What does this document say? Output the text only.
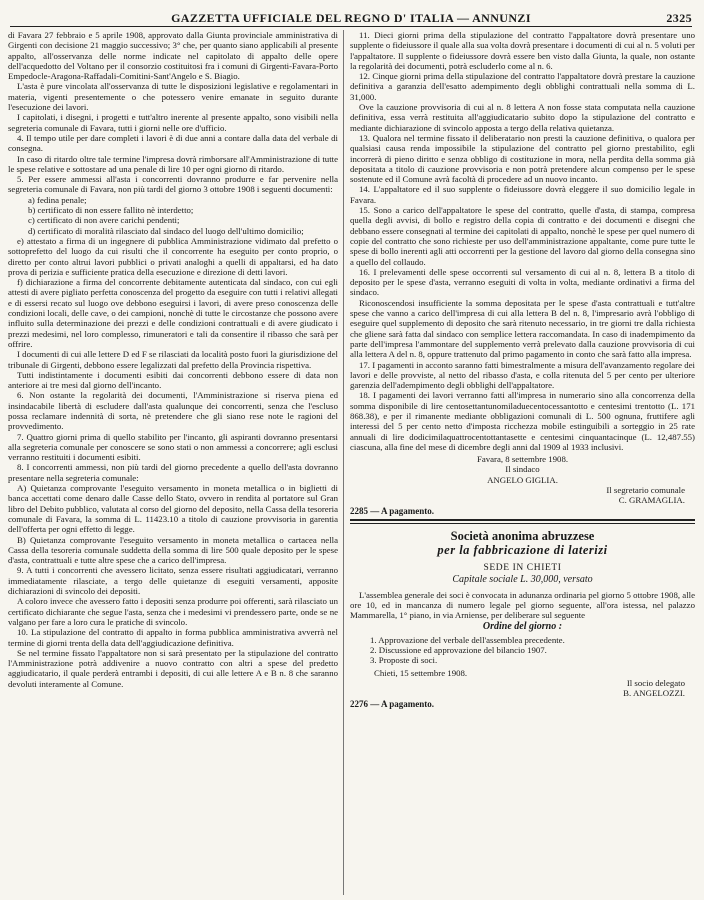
GAZZETTA UFFICIALE DEL REGNO D' ITALIA — ANNUNZI	2325

di Favara 27 febbraio e 5 aprile 1908, approvato dalla Giunta provinciale amministrativa di Girgenti con decisione 21 maggio successivo; 3° che, per quanto siano applicabili al presente appalto, all'osservanza delle norme indicate nel capitolato di appalto delle opere dell'acquedotto del Voltano per il consorzio costituitosi fra i comuni di Girgenti-Favara-Porto Empedocle-Aragona-Raffadali-Comitini-Sant'Angelo e S. Biagio.

L'asta è pure vincolata all'osservanza di tutte le disposizioni legislative e regolamentari in materia, vigenti presentemente o che potessero venire emanate in seguito durante l'esecuzione dei lavori.

I capitolati, i disegni, i progetti e tutt'altro inerente al presente appalto, sono visibili nella segreteria comunale di Favara, tutti i giorni nelle ore d'ufficio.

4. Il tempo utile per dare completi i lavori è di due anni a contare dalla data del verbale di consegna.

In caso di ritardo oltre tale termine l'impresa dovrà rimborsare all'Amministrazione di tutte le spese relative e sottostare ad una penale di lire 10 per ogni giorno di ritardo.

5. Per essere ammessi all'asta i concorrenti dovranno produrre e far pervenire nella segreteria comunale di Favara, non più tardi del giorno 3 ottobre 1908 i seguenti documenti:

a) fedina penale;

b) certificato di non essere fallito nè interdetto;

c) certificato di non avere carichi pendenti;

d) certificato di moralità rilasciato dal sindaco del luogo dell'ultimo domicilio;

e) attestato a firma di un ingegnere di pubblica Amministrazione vidimato dal prefetto o sottoprefetto del luogo da cui risulti che il concorrente ha eseguito per conto proprio, o diretto per conto altrui lavori pubblici o privati analoghi a quelli di appaltarsi, ed ha dato prova di perizia e sufficiente pratica della esecuzione e direzione di detti lavori.

f) dichiarazione a firma del concorrente debitamente autenticata dal sindaco, con cui egli attesti di avere pigliato perfetta conoscenza del progetto da eseguire con tutti i relativi allegati e di essersi recato sul luogo ove debbono eseguirsi i lavori, di avere preso conoscenza delle condizioni locali, delle cave, o dei campioni, nonchè di tutte le circostanze che possono avere influito sulla determinazione dei prezzi e delle condizioni contrattuali e di avere giudicato i prezzi medesimi, nel loro complesso, rimuneratori e tali da consentire il ribasso che sarà per offrire.

I documenti di cui alle lettere D ed F se rilasciati da località posto fuori la giurisdizione del tribunale di Girgenti, debbono essere legalizzati dal prefetto della Provincia rispettiva.

Tutti indistintamente i documenti esibiti dai concorrenti debbono essere di data non anteriore ai tre mesi dal giorno dell'incanto.

6. Non ostante la regolarità dei documenti, l'Amministrazione si riserva piena ed insindacabile libertà di escludere dall'asta qualunque dei concorrenti, senza che l'escluso possa reclamare indennità di sorta, nè pretendere che gli siano rese note le ragioni del provvedimento.

7. Quattro giorni prima di quello stabilito per l'incanto, gli aspiranti dovranno presentarsi alla segreteria comunale per conoscere se sono stati o non ammessi a concorrere; agli esclusi verranno restituiti i documenti esibiti.

8. I concorrenti ammessi, non più tardi del giorno precedente a quello dell'asta dovranno presentare nella segreteria comunale:

A) Quietanza comprovante l'eseguito versamento in moneta metallica o in biglietti di banca accettati come denaro dalle Casse dello Stato, ovvero in rendita al portatore sul Gran libro del Debito pubblico, valutata al corso del giorno del deposito, nella Cassa della tesoreria comunale di Favara, la somma di L. 11423.10 a titolo di cauzione provvisoria in garentia dell'offerta per ogni effetto di legge.

B) Quietanza comprovante l'eseguito versamento in moneta metallica o cartacea nella Cassa della tesoreria comunale suddetta della somma di lire 500 quale deposito per le spese d'asta, contrattuali e tutte altre spese che a carico dell'impresa.

9. A tutti i concorrenti che avessero licitato, senza essere risultati aggiudicatari, verranno immediatamente rilasciate, a tergo delle quietanze di eseguiti versamenti, apposite dichiarazioni di svincolo dei depositi.

A coloro invece che avessero fatto i depositi senza produrre poi offerenti, sarà rilasciato un certificato dichiarante che segue l'asta, senza che i medesimi vi prendessero parte, onde se ne valgano per fare a loro cura le pratiche di svincolo.

10. La stipulazione del contratto di appalto in forma pubblica amministrativa avverrà nel termine di giorni trenta della data dell'aggiudicazione definitiva.

Se nel termine fissato l'appaltatore non si sarà presentato per la stipulazione del contratto l'Amministrazione potrà addivenire a nuovo contratto con altri a spese del predetto aggiudicatario, il quale perderà entrambi i depositi, di cui alle lettere A e B n. 8 che saranno devoluti interamente al Comune.

11. Dieci giorni prima della stipulazione del contratto l'appaltatore dovrà presentare uno supplente o fideiussore il quale alla sua volta dovrà presentare i documenti di cui al n. 5 voluti per l'appaltatore. Il supplente o fideiussore dovrà essere ben visto dalla Giunta, la quale, non ostante la regolarità dei documenti, potrà escluderlo come al n. 6.

12. Cinque giorni prima della stipulazione del contratto l'appaltatore dovrà prestare la cauzione definitiva a garanzia dell'esatto adempimento degli obblighi contrattuali nella somma di L. 31,000.

Ove la cauzione provvisoria di cui al n. 8 lettera A non fosse stata computata nella cauzione definitiva, essa verrà restituita all'aggiudicatario subito dopo la stipulazione del contratto e mediante dichiarazione di svincolo apposta a tergo della relativa quietanza.

13. Qualora nel termine fissato il deliberatario non presti la cauzione definitiva, o qualora per qualsiasi causa renda impossibile la stipulazione del contratto pel giorno prestabilito, egli incorrerà di pieno diritto e senza obbligo di costituzione in mora, nella perdita della somma già depositata a titolo di cauzione provvisoria e non potrà pretendere alcun compenso per le spese sostenute ed il Comune avrà facoltà di procedere ad un nuovo incanto.

14. L'appaltatore ed il suo supplente o fideiussore dovrà eleggere il suo domicilio legale in Favara.

15. Sono a carico dell'appaltatore le spese del contratto, quelle d'asta, di stampa, compresa quella degli avvisi, di bollo e registro della copia di contratto e dei documenti e disegni che debbano essere consegnati al termine dei capitolati di appalto, nonchè le spese per quel numero di copie del contratto che sono richieste per uso dell'amministrazione appaltante, come pure tutte le spese di bollo inerenti agli atti occorrenti per la gestione del lavoro dal giorno della consegna sino a quello del collaudo.

16. I prelevamenti delle spese occorrenti sul versamento di cui al n. 8, lettera B a titolo di deposito per le spese d'asta, verranno eseguiti di volta in volta, mediante ordinativi a firma del sindaco.

Riconoscendosi insufficiente la somma depositata per le spese d'asta contrattuali e tutt'altre spese che vanno a carico dell'impresa di cui alla lettera B del n. 8, l'impresario avrà l'obbligo di eseguire quel supplemento di deposito che sarà ritenuto necessario, in tre giorni tre dalla richiesta che gliene sarà fatta dal sindaco con semplice lettera raccomandata. In caso di inadempimento da parte dell'impresa l'ammontare del supplemento verrà prelevato dalla cauzione provvisoria di cui alla lettera A del n. 8, oppure trattenuto dal primo pagamento in conto che sarà fatto alla impresa.

17. I pagamenti in acconto saranno fatti bimestralmente a misura dell'avanzamento regolare dei lavori e delle provviste, al netto del ribasso d'asta, e colla ritenuta del 5 per cento per ulteriore garenzia dell'adempimento degli obblighi dell'appaltatore.

18. I pagamenti dei lavori verranno fatti all'impresa in numerario sino alla concorrenza della somma disponibile di lire centosettantunomiladuecentocessantotto e centesimi trentotto (L. 171 868.38), e per il rimanente mediante obbligazioni comunali di L. 500 ognuna, fruttifere agli interessi del 5 per cento netto d'imposta ricchezza mobile estinguibili a sorteggio in 25 rate annuali di lire dodicimilaquattrocentottantasette e centesimi cinquantacinque (L. 12,487.55) ciascuna, alla fine del mese di dicembre degli anni dal 1909 al 1933 inclusivi.

Favara, 8 settembre 1908.

Il sindaco

ANGELO GIGLIA.

Il segretario comunale

C. GRAMAGLIA.

2285 — A pagamento.

Società anonima abruzzese
per la fabbricazione di laterizi
SEDE IN CHIETI
Capitale sociale L. 30,000, versato

L'assemblea generale dei soci è convocata in adunanza ordinaria pel giorno 5 ottobre 1908, alle ore 10, ed in mancanza di numero legale pel giorno seguente, all'ora istessa, nel palazzo Mammarella, 1° piano, in via Arniense, per deliberare sul seguente

Ordine del giorno :

1. Approvazione del verbale dell'assemblea precedente.

2. Discussione ed approvazione del bilancio 1907.

3. Proposte di soci.

Chieti, 15 settembre 1908.

Il socio delegato

B. ANGELOZZI.

2276 — A pagamento.
